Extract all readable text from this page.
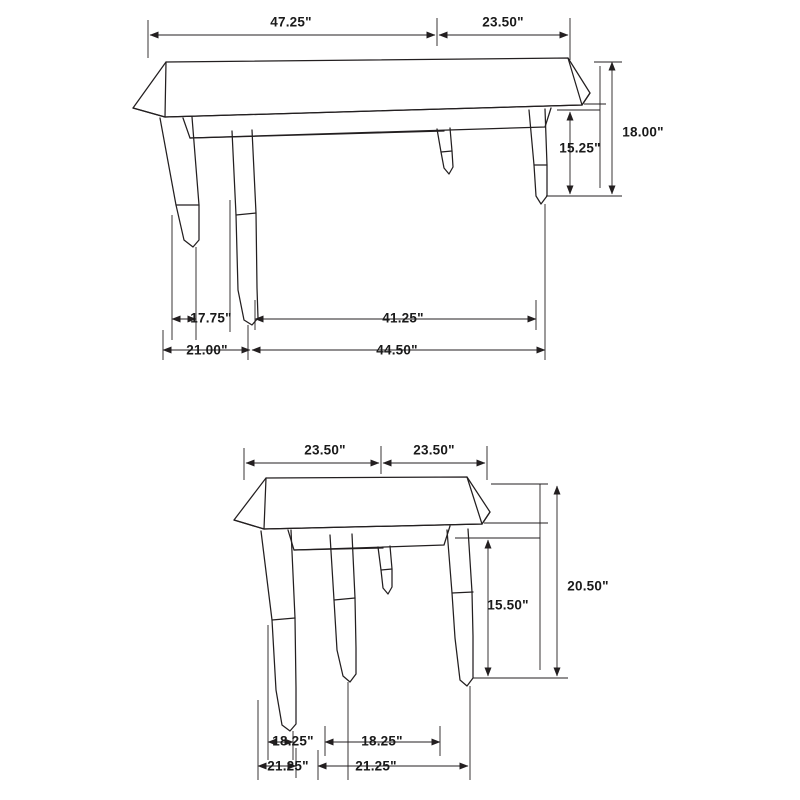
47.25"	23.50"
18.00"
15.25"
17.75"
21.00"
41.25"
44.50"
23.50"	23.50"
20.50"
15.50"
18.25"
21.25"
18.25"
21.25"
